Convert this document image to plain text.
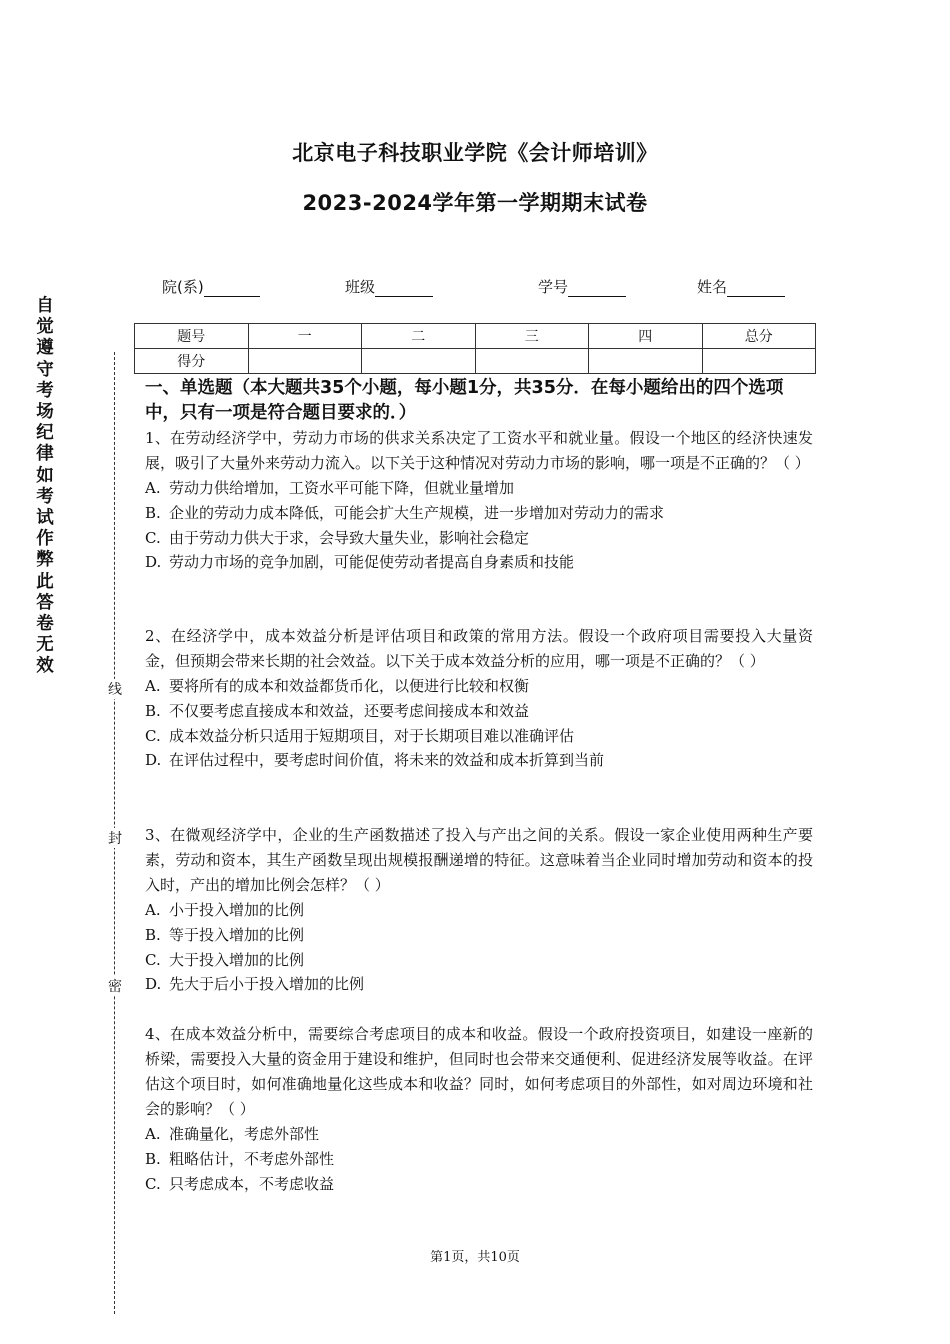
北京电子科技职业学院《会计师培训》
2023-2024学年第一学期期末试卷
院(系)	班级	学号	姓名
自觉遵守考场纪律如考试作弊此答卷无效
线
封
密
题号	一	二	三	四	总分
得分					
一、单选题（本大题共35个小题，每小题1分，共35分．在每小题给出的四个选项中，只有一项是符合题目要求的．）
1、在劳动经济学中，劳动力市场的供求关系决定了工资水平和就业量。假设一个地区的经济快速发展，吸引了大量外来劳动力流入。以下关于这种情况对劳动力市场的影响，哪一项是不正确的？（ ）
A. 劳动力供给增加，工资水平可能下降，但就业量增加
B. 企业的劳动力成本降低，可能会扩大生产规模，进一步增加对劳动力的需求
C. 由于劳动力供大于求，会导致大量失业，影响社会稳定
D. 劳动力市场的竞争加剧，可能促使劳动者提高自身素质和技能
2、在经济学中，成本效益分析是评估项目和政策的常用方法。假设一个政府项目需要投入大量资金，但预期会带来长期的社会效益。以下关于成本效益分析的应用，哪一项是不正确的？（ ）
A. 要将所有的成本和效益都货币化，以便进行比较和权衡
B. 不仅要考虑直接成本和效益，还要考虑间接成本和效益
C. 成本效益分析只适用于短期项目，对于长期项目难以准确评估
D. 在评估过程中，要考虑时间价值，将未来的效益和成本折算到当前
3、在微观经济学中，企业的生产函数描述了投入与产出之间的关系。假设一家企业使用两种生产要素，劳动和资本，其生产函数呈现出规模报酬递增的特征。这意味着当企业同时增加劳动和资本的投入时，产出的增加比例会怎样？（ ）
A. 小于投入增加的比例
B. 等于投入增加的比例
C. 大于投入增加的比例
D. 先大于后小于投入增加的比例
4、在成本效益分析中，需要综合考虑项目的成本和收益。假设一个政府投资项目，如建设一座新的桥梁，需要投入大量的资金用于建设和维护，但同时也会带来交通便利、促进经济发展等收益。在评估这个项目时，如何准确地量化这些成本和收益？同时，如何考虑项目的外部性，如对周边环境和社会的影响？（ ）
A. 准确量化，考虑外部性
B. 粗略估计，不考虑外部性
C. 只考虑成本，不考虑收益
第1页，共10页
